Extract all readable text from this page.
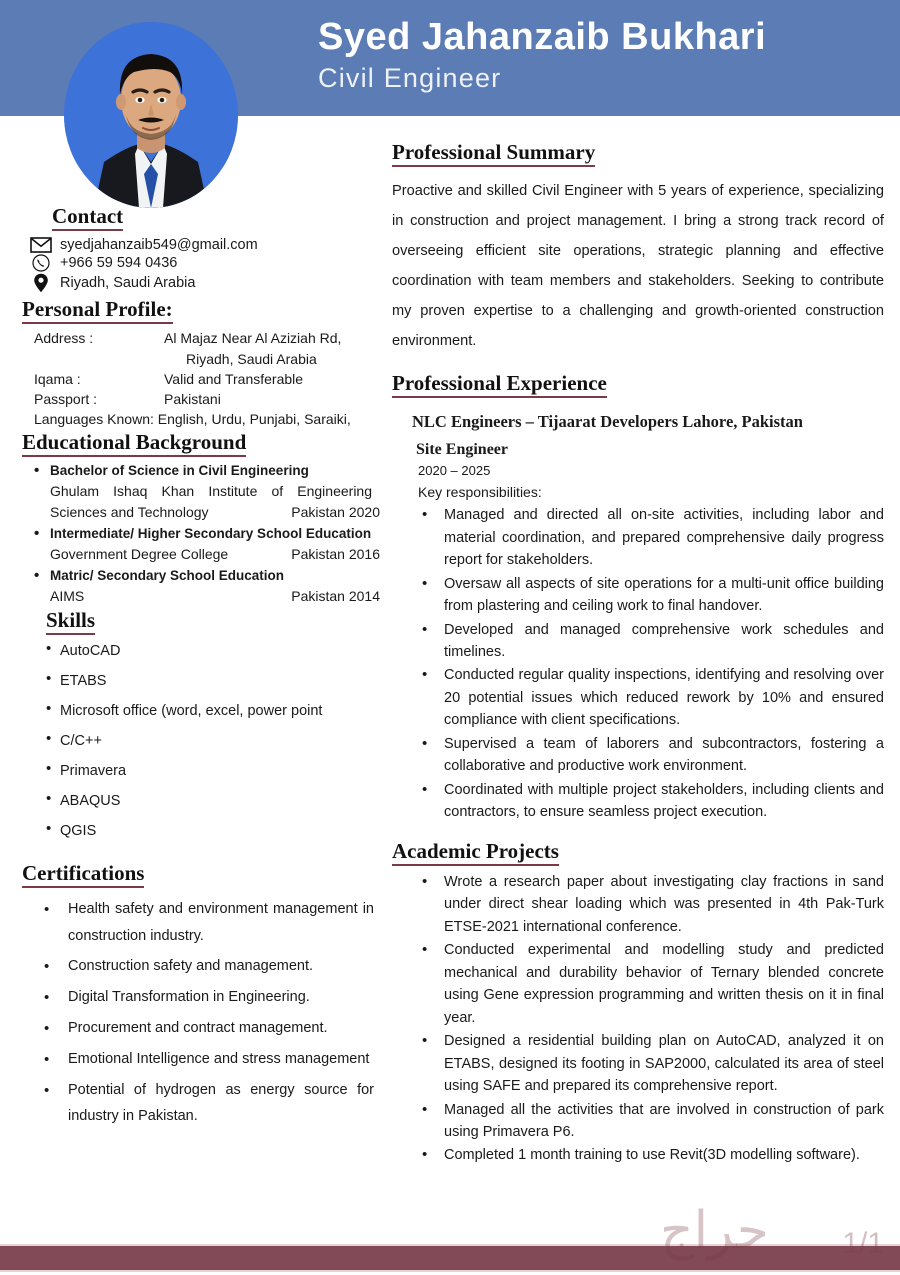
Syed Jahanzaib Bukhari
Civil Engineer
Contact
syedjahanzaib549@gmail.com
+966 59 594 0436
Riyadh, Saudi Arabia
Personal Profile:
Address :	Al Majaz Near Al Aziziah Rd,
Riyadh, Saudi Arabia
Iqama :	Valid and Transferable
Passport :	Pakistani
Languages Known: English, Urdu, Punjabi, Saraiki,
Educational Background
• Bachelor of Science in Civil Engineering
Ghulam Ishaq Khan Institute of Engineering
Sciences and Technology	Pakistan 2020
• Intermediate/ Higher Secondary School Education
Government Degree College	Pakistan 2016
• Matric/ Secondary School Education
AIMS	Pakistan 2014
Skills
• AutoCAD
• ETABS
• Microsoft office (word, excel, power point
• C/C++
• Primavera
• ABAQUS
• QGIS
Certifications
• Health safety and environment management in construction industry.
• Construction safety and management.
• Digital Transformation in Engineering.
• Procurement and contract management.
• Emotional Intelligence and stress management
• Potential of hydrogen as energy source for industry in Pakistan.
Professional Summary
Proactive and skilled Civil Engineer with 5 years of experience, specializing in construction and project management. I bring a strong track record of overseeing efficient site operations, strategic planning and effective coordination with team members and stakeholders. Seeking to contribute my proven expertise to a challenging and growth-oriented construction environment.
Professional Experience
NLC Engineers – Tijaarat Developers Lahore, Pakistan
Site Engineer
2020 – 2025
Key responsibilities:
• Managed and directed all on-site activities, including labor and material coordination, and prepared comprehensive daily progress report for stakeholders.
• Oversaw all aspects of site operations for a multi-unit office building from plastering and ceiling work to final handover.
• Developed and managed comprehensive work schedules and timelines.
• Conducted regular quality inspections, identifying and resolving over 20 potential issues which reduced rework by 10% and ensured compliance with client specifications.
• Supervised a team of laborers and subcontractors, fostering a collaborative and productive work environment.
• Coordinated with multiple project stakeholders, including clients and contractors, to ensure seamless project execution.
Academic Projects
• Wrote a research paper about investigating clay fractions in sand under direct shear loading which was presented in 4th Pak-Turk ETSE-2021 international conference.
• Conducted experimental and modelling study and predicted mechanical and durability behavior of Ternary blended concrete using Gene expression programming and written thesis on it in final year.
• Designed a residential building plan on AutoCAD, analyzed it on ETABS, designed its footing in SAP2000, calculated its area of steel using SAFE and prepared its comprehensive report.
• Managed all the activities that are involved in construction of park using Primavera P6.
• Completed 1 month training to use Revit(3D modelling software).
حراج	1/1
